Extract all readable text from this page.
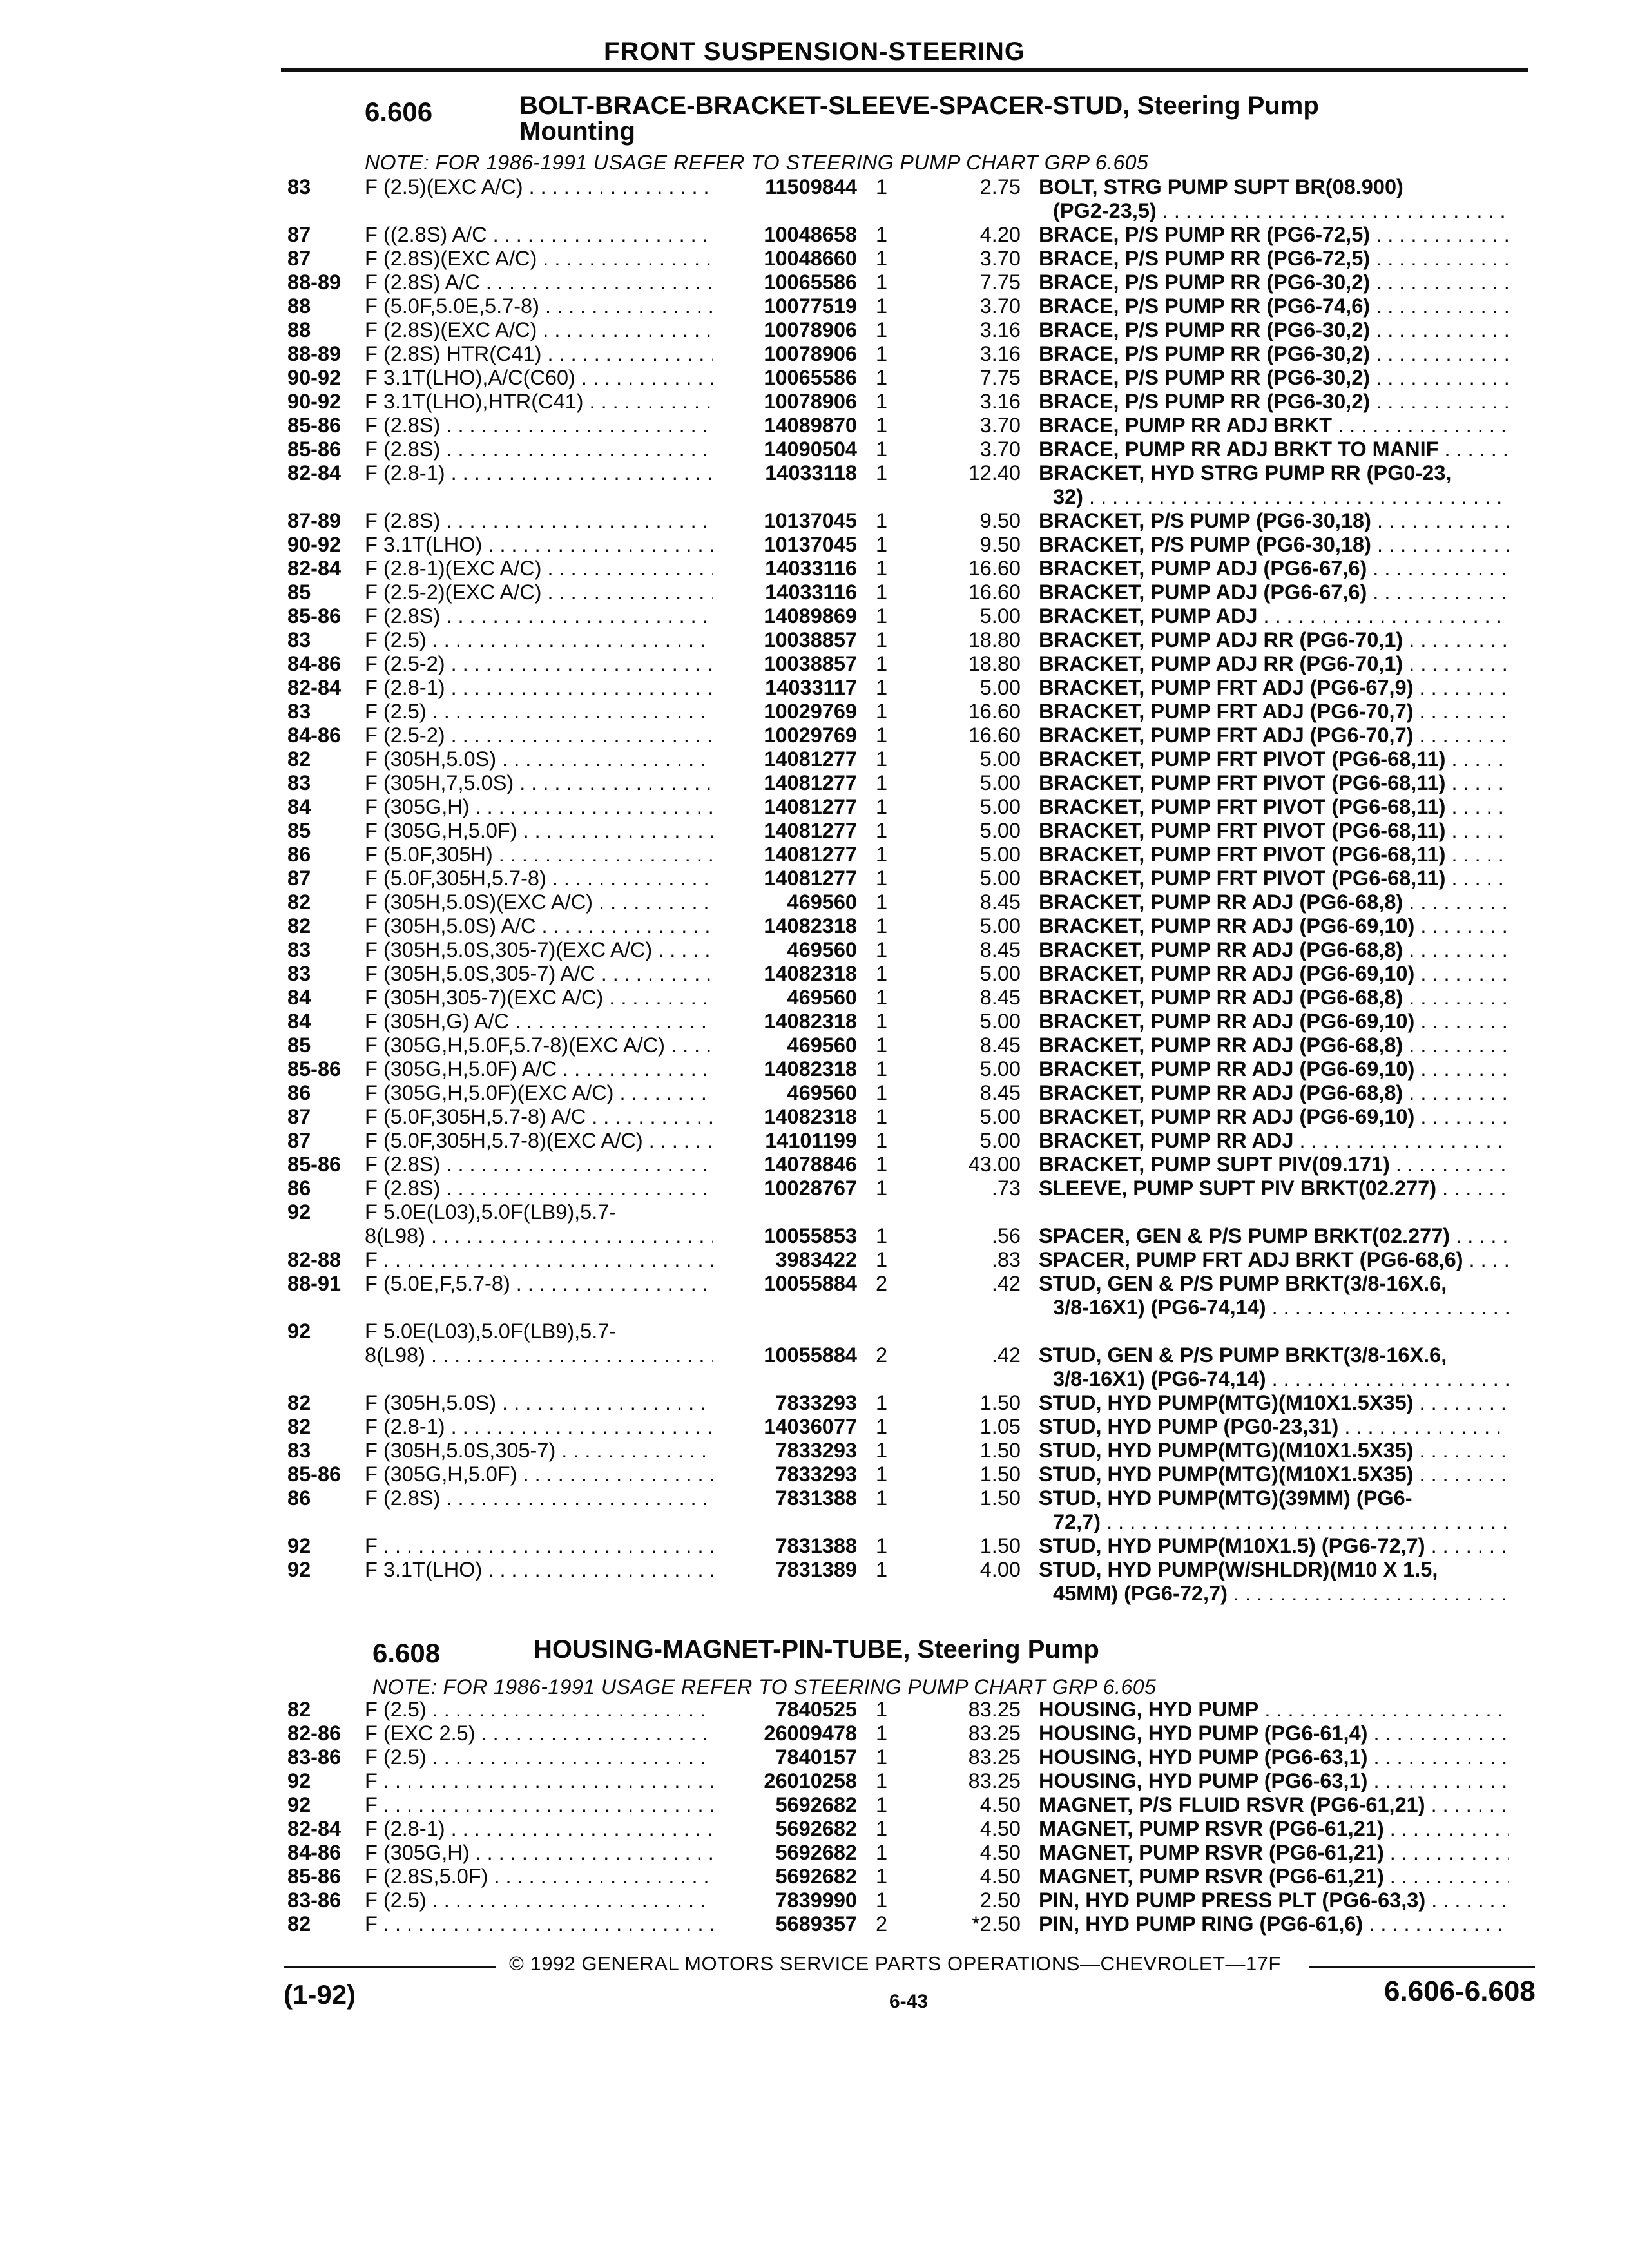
FRONT SUSPENSION-STEERING
6.606	BOLT-BRACE-BRACKET-SLEEVE-SPACER-STUD, Steering Pump
Mounting
NOTE: FOR 1986-1991 USAGE REFER TO STEERING PUMP CHART GRP 6.605
83	F (2.5)(EXC A/C) . . .	11509844 1	2.75 BOLT, STRG PUMP SUPT BR(08.900)
(PG2-23,5) . . .
87	F ((2.8S) A/C . . .	10048658 1	4.20 BRACE, P/S PUMP RR (PG6-72,5) . . .
87	F (2.8S)(EXC A/C) . . .	10048660 1	3.70 BRACE, P/S PUMP RR (PG6-72,5) . . .
88-89 F (2.8S) A/C . . .	10065586 1	7.75 BRACE, P/S PUMP RR (PG6-30,2) . . .
88	F (5.0F,5.0E,5.7-8) . . .	10077519 1	3.70 BRACE, P/S PUMP RR (PG6-74,6) . . .
88	F (2.8S)(EXC A/C) . . .	10078906 1	3.16 BRACE, P/S PUMP RR (PG6-30,2) . . .
88-89 F (2.8S) HTR(C41) . . .	10078906 1	3.16 BRACE, P/S PUMP RR (PG6-30,2) . . .
90-92 F 3.1T(LHO),A/C(C60) . . .	10065586 1	7.75 BRACE, P/S PUMP RR (PG6-30,2) . . .
90-92 F 3.1T(LHO),HTR(C41) . . .	10078906 1	3.16 BRACE, P/S PUMP RR (PG6-30,2) . . .
85-86 F (2.8S) . . .	14089870 1	3.70 BRACE, PUMP RR ADJ BRKT . . .
85-86 F (2.8S) . . .	14090504 1	3.70 BRACE, PUMP RR ADJ BRKT TO MANIF . . .
82-84 F (2.8-1) . . .	14033118 1	12.40 BRACKET, HYD STRG PUMP RR (PG0-23,
32) . . .
87-89 F (2.8S) . . .	10137045 1	9.50 BRACKET, P/S PUMP (PG6-30,18) . . .
90-92 F 3.1T(LHO) . . .	10137045 1	9.50 BRACKET, P/S PUMP (PG6-30,18) . . .
82-84 F (2.8-1)(EXC A/C) . . .	14033116 1	16.60 BRACKET, PUMP ADJ (PG6-67,6) . . .
85	F (2.5-2)(EXC A/C) . . .	14033116 1	16.60 BRACKET, PUMP ADJ (PG6-67,6) . . .
85-86 F (2.8S) . . .	14089869 1	5.00 BRACKET, PUMP ADJ . . .
83	F (2.5) . . .	10038857 1	18.80 BRACKET, PUMP ADJ RR (PG6-70,1) . . .
84-86 F (2.5-2) . . .	10038857 1	18.80 BRACKET, PUMP ADJ RR (PG6-70,1) . . .
82-84 F (2.8-1) . . .	14033117 1	5.00 BRACKET, PUMP FRT ADJ (PG6-67,9) . . .
83	F (2.5) . . .	10029769 1	16.60 BRACKET, PUMP FRT ADJ (PG6-70,7) . . .
84-86 F (2.5-2) . . .	10029769 1	16.60 BRACKET, PUMP FRT ADJ (PG6-70,7) . . .
82	F (305H,5.0S) . . .	14081277 1	5.00 BRACKET, PUMP FRT PIVOT (PG6-68,11) . . .
83	F (305H,7,5.0S) . . .	14081277 1	5.00 BRACKET, PUMP FRT PIVOT (PG6-68,11) . . .
84	F (305G,H) . . .	14081277 1	5.00 BRACKET, PUMP FRT PIVOT (PG6-68,11) . . .
85	F (305G,H,5.0F) . . .	14081277 1	5.00 BRACKET, PUMP FRT PIVOT (PG6-68,11) . . .
86	F (5.0F,305H) . . .	14081277 1	5.00 BRACKET, PUMP FRT PIVOT (PG6-68,11) . . .
87	F (5.0F,305H,5.7-8) . . .	14081277 1	5.00 BRACKET, PUMP FRT PIVOT (PG6-68,11) . . .
82	F (305H,5.0S)(EXC A/C) . . .	469560 1	8.45 BRACKET, PUMP RR ADJ (PG6-68,8) . . .
82	F (305H,5.0S) A/C . . .	14082318 1	5.00 BRACKET, PUMP RR ADJ (PG6-69,10) . . .
83	F (305H,5.0S,305-7)(EXC A/C) . . .	469560 1	8.45 BRACKET, PUMP RR ADJ (PG6-68,8) . . .
83	F (305H,5.0S,305-7) A/C . . .	14082318 1	5.00 BRACKET, PUMP RR ADJ (PG6-69,10) . . .
84	F (305H,305-7)(EXC A/C) . . .	469560 1	8.45 BRACKET, PUMP RR ADJ (PG6-68,8) . . .
84	F (305H,G) A/C . . .	14082318 1	5.00 BRACKET, PUMP RR ADJ (PG6-69,10) . . .
85	F (305G,H,5.0F,5.7-8)(EXC A/C) . . .	469560 1	8.45 BRACKET, PUMP RR ADJ (PG6-68,8) . . .
85-86 F (305G,H,5.0F) A/C . . .	14082318 1	5.00 BRACKET, PUMP RR ADJ (PG6-69,10) . . .
86	F (305G,H,5.0F)(EXC A/C) . . .	469560 1	8.45 BRACKET, PUMP RR ADJ (PG6-68,8) . . .
87	F (5.0F,305H,5.7-8) A/C . . .	14082318 1	5.00 BRACKET, PUMP RR ADJ (PG6-69,10) . . .
87	F (5.0F,305H,5.7-8)(EXC A/C) . . .	14101199 1	5.00 BRACKET, PUMP RR ADJ . . .
85-86 F (2.8S) . . .	14078846 1	43.00 BRACKET, PUMP SUPT PIV(09.171) . . .
86	F (2.8S) . . .	10028767 1	.73 SLEEVE, PUMP SUPT PIV BRKT(02.277) . . .
92	F 5.0E(L03),5.0F(LB9),5.7-
8(L98) . . .	10055853 1	.56 SPACER, GEN & P/S PUMP BRKT(02.277) . . .
82-88 F . . .	3983422 1	.83 SPACER, PUMP FRT ADJ BRKT (PG6-68,6) . . .
88-91 F (5.0E,F,5.7-8) . . .	10055884 2	.42 STUD, GEN & P/S PUMP BRKT(3/8-16X.6,
3/8-16X1) (PG6-74,14) . . .
92	F 5.0E(L03),5.0F(LB9),5.7-
8(L98) . . .	10055884 2	.42 STUD, GEN & P/S PUMP BRKT(3/8-16X.6,
3/8-16X1) (PG6-74,14) . . .
82	F (305H,5.0S) . . .	7833293 1	1.50 STUD, HYD PUMP(MTG)(M10X1.5X35) . . .
82	F (2.8-1) . . .	14036077 1	1.05 STUD, HYD PUMP (PG0-23,31) . . .
83	F (305H,5.0S,305-7) . . .	7833293 1	1.50 STUD, HYD PUMP(MTG)(M10X1.5X35) . . .
85-86 F (305G,H,5.0F) . . .	7833293 1	1.50 STUD, HYD PUMP(MTG)(M10X1.5X35) . . .
86	F (2.8S) . . .	7831388 1	1.50 STUD, HYD PUMP(MTG)(39MM) (PG6-
72,7) . . .
92	F . . .	7831388 1	1.50 STUD, HYD PUMP(M10X1.5) (PG6-72,7) . . .
92	F 3.1T(LHO) . . .	7831389 1	4.00 STUD, HYD PUMP(W/SHLDR)(M10 X 1.5,
45MM) (PG6-72,7) . . .
6.608	HOUSING-MAGNET-PIN-TUBE, Steering Pump
NOTE: FOR 1986-1991 USAGE REFER TO STEERING PUMP CHART GRP 6.605
82	F (2.5) . . .	7840525 1	83.25 HOUSING, HYD PUMP . . .
82-86 F (EXC 2.5) . . .	26009478 1	83.25 HOUSING, HYD PUMP (PG6-61,4) . . .
83-86 F (2.5) . . .	7840157 1	83.25 HOUSING, HYD PUMP (PG6-63,1) . . .
92	F . . .	26010258 1	83.25 HOUSING, HYD PUMP (PG6-63,1) . . .
92	F . . .	5692682 1	4.50 MAGNET, P/S FLUID RSVR (PG6-61,21) . . .
82-84 F (2.8-1) . . .	5692682 1	4.50 MAGNET, PUMP RSVR (PG6-61,21) . . .
84-86 F (305G,H) . . .	5692682 1	4.50 MAGNET, PUMP RSVR (PG6-61,21) . . .
85-86 F (2.8S,5.0F) . . .	5692682 1	4.50 MAGNET, PUMP RSVR (PG6-61,21) . . .
83-86 F (2.5) . . .	7839990 1	2.50 PIN, HYD PUMP PRESS PLT (PG6-63,3) . . .
82	F . . .	5689357 2	*2.50 PIN, HYD PUMP RING (PG6-61,6) . . .
© 1992 GENERAL MOTORS SERVICE PARTS OPERATIONS—CHEVROLET—17F
(1-92)	6-43	6.606-6.608
